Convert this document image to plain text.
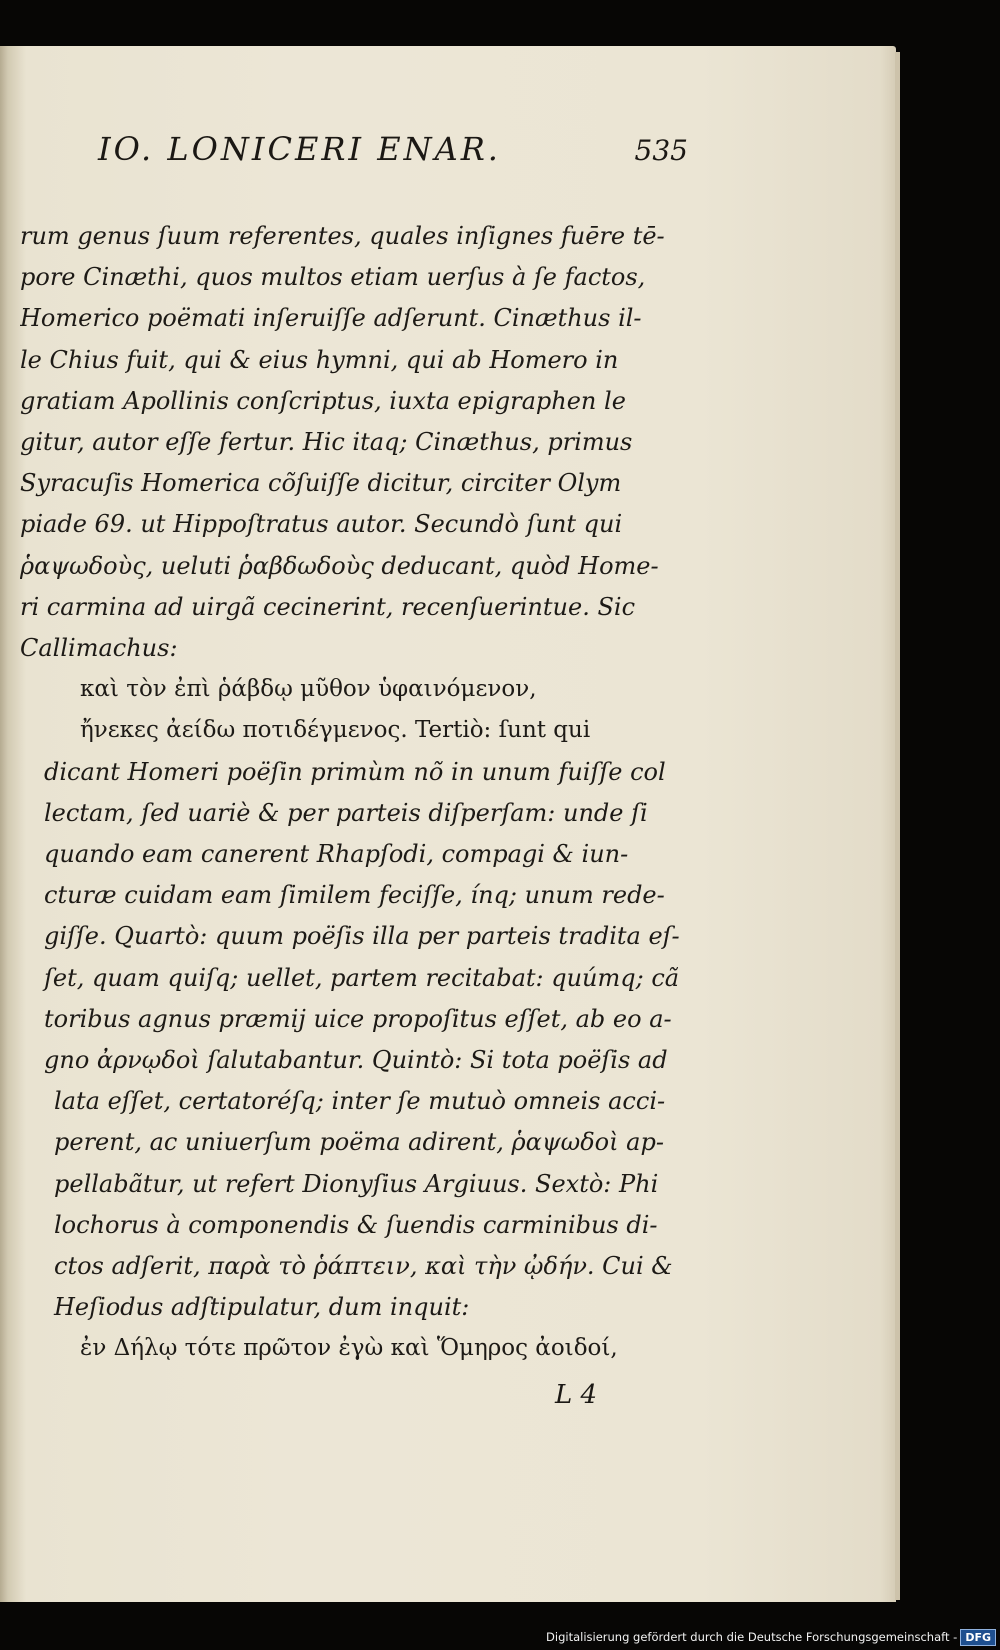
IO. LONICERI ENAR.	535
rum genus ſuum referentes, quales inſignes fuēre tē-
pore Cinæthi, quos multos etiam uerſus à ſe factos,
Homerico poëmati inſeruiſſe adſerunt. Cinæthus il-
le Chius fuit, qui & eius hymni, qui ab Homero in
gratiam Apollinis conſcriptus, iuxta epigraphen le
gitur, autor eſſe fertur. Hic itaq; Cinæthus, primus
Syracuſis Homerica cõſuiſſe dicitur, circiter Olym
piade 69. ut Hippoſtratus autor. Secundò ſunt qui
ῥαψωδοὺς, ueluti ῥαβδωδοὺς deducant, quòd Home-
ri carmina ad uirgã cecinerint, recenſuerintue. Sic
Callimachus:
καὶ τὸν ἐπὶ ῥάβδῳ μῦθον ὑφαινόμενον,
ἤνεκες ἀείδω ποτιδέγμενος. Tertiò: ſunt qui
dicant Homeri poëſin primùm nõ in unum fuiſſe col
lectam, ſed uariè & per parteis diſperſam: unde ſi
quando eam canerent Rhapſodi, compagi & iun-
cturæ cuidam eam ſimilem feciſſe, ínq; unum rede-
giſſe. Quartò: quum poëſis illa per parteis tradita eſ-
ſet, quam quiſq; uellet, partem recitabat: quúmq; cã
toribus agnus præmij uice propoſitus eſſet, ab eo a-
gno ἀρνῳδοὶ ſalutabantur. Quintò: Si tota poëſis ad
lata eſſet, certatoréſq; inter ſe mutuò omneis acci-
perent, ac uniuerſum poëma adirent, ῥαψωδοὶ ap-
pellabãtur, ut refert Dionyſius Argiuus. Sextò: Phi
lochorus à componendis & ſuendis carminibus di-
ctos adſerit, παρὰ τὸ ῥάπτειν, καὶ τὴν ᾠδήν. Cui &
Heſiodus adſtipulatur, dum inquit:
ἐν Δήλῳ τότε πρῶτον ἐγὼ καὶ Ὅμηρος ἀοιδοί,
L 4
Digitalisierung gefördert durch die Deutsche Forschungsgemeinschaft - DFG
